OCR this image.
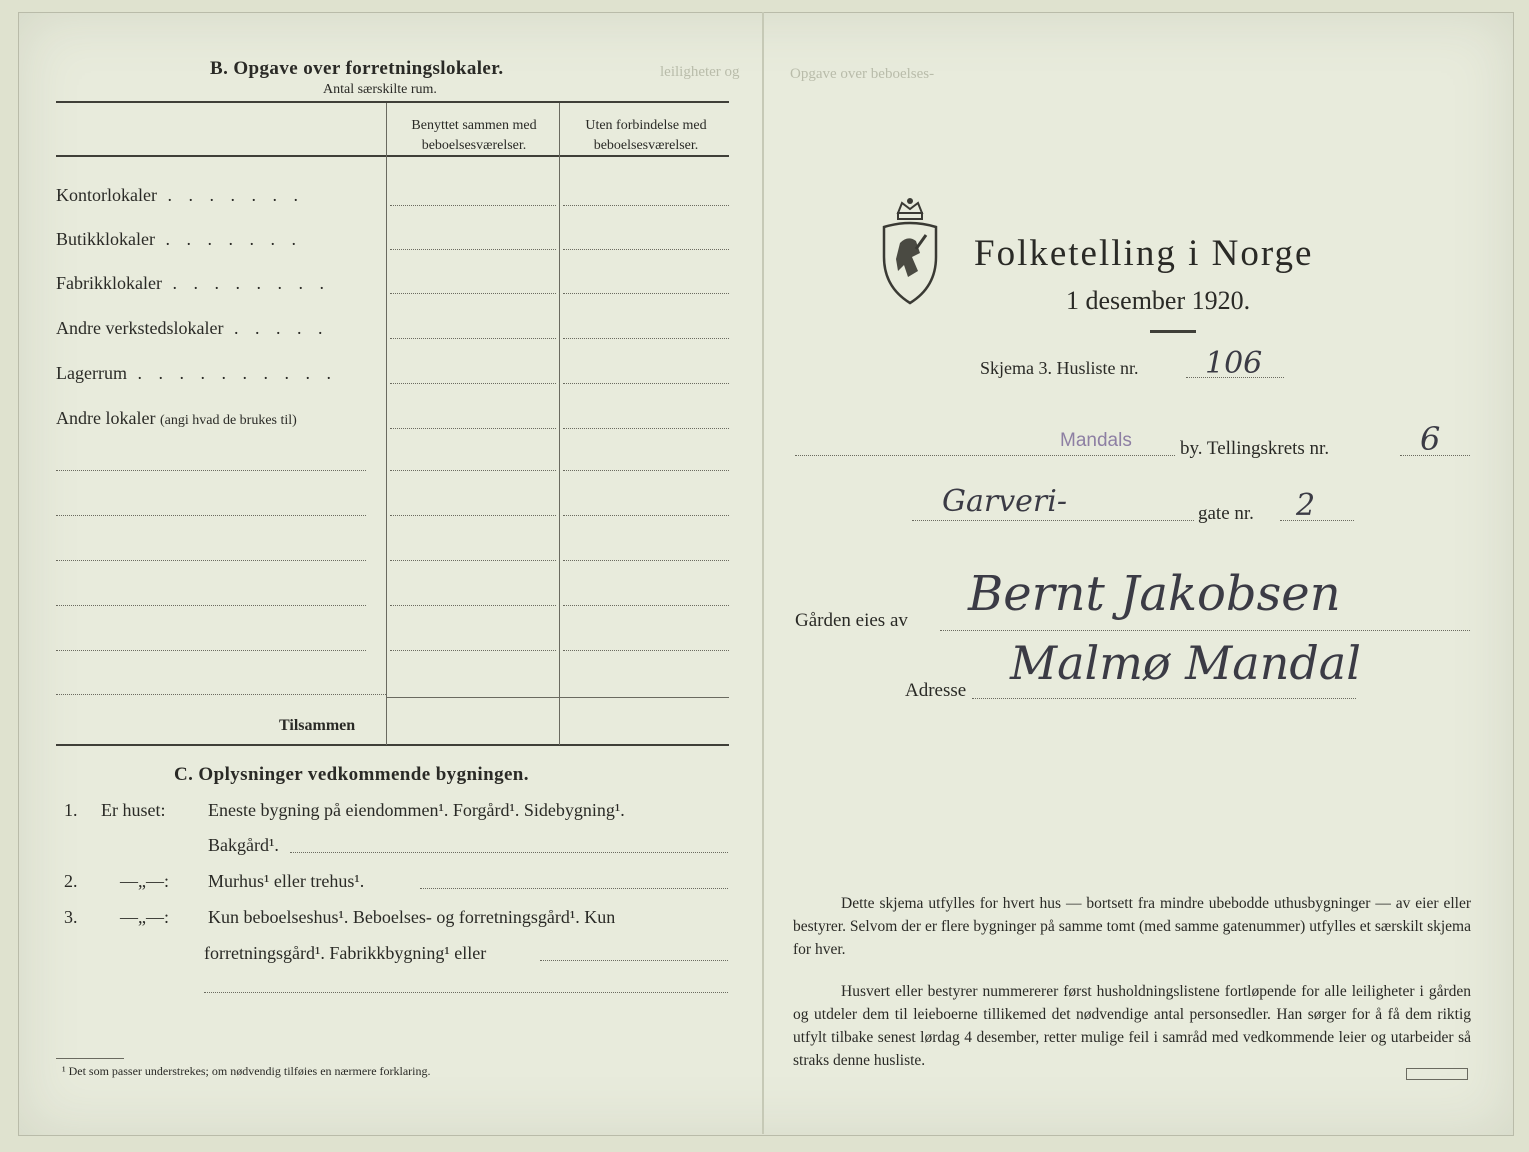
leiligheter og	Opgave over beboelses-
B. Opgave over forretningslokaler.
Antal særskilte rum.
Benyttet sammen med
beboelsesværelser.
Uten forbindelse med
beboelsesværelser.
Kontorlokaler . . . . . . .
Butikklokaler . . . . . . .
Fabrikklokaler . . . . . . . .
Andre verkstedslokaler . . . . .
Lagerrum . . . . . . . . . .
Andre lokaler (angi hvad de brukes til)
Tilsammen
C. Oplysninger vedkommende bygningen.
1. Er huset: Eneste bygning på eiendommen¹. Forgård¹. Sidebygning¹.
Bakgård¹.
2. —„—: Murhus¹ eller trehus¹.
3. —„—: Kun beboelseshus¹. Beboelses- og forretningsgård¹. Kun
forretningsgård¹. Fabrikkbygning¹ eller
¹ Det som passer understrekes; om nødvendig tilføies en nærmere forklaring.
Folketelling i Norge
1 desember 1920.
Skjema 3. Husliste nr. 106
Mandals	by. Tellingskrets nr.	6
Garveri-	gate nr. 2
Gården eies av Bernt Jakobsen
Adresse
Malmø Mandal
Dette skjema utfylles for hvert hus — bortsett fra mindre ubebodde uthusbygninger — av eier eller bestyrer. Selvom der er flere bygninger på samme tomt (med samme gatenummer) utfylles et særskilt skjema for hver.
Husvert eller bestyrer nummererer først husholdningslistene fortløpende for alle leiligheter i gården og utdeler dem til leieboerne tillikemed det nødvendige antal personsedler. Han sørger for å få dem riktig utfylt tilbake senest lørdag 4 desember, retter mulige feil i samråd med vedkommende leier og utarbeider så straks denne husliste.
